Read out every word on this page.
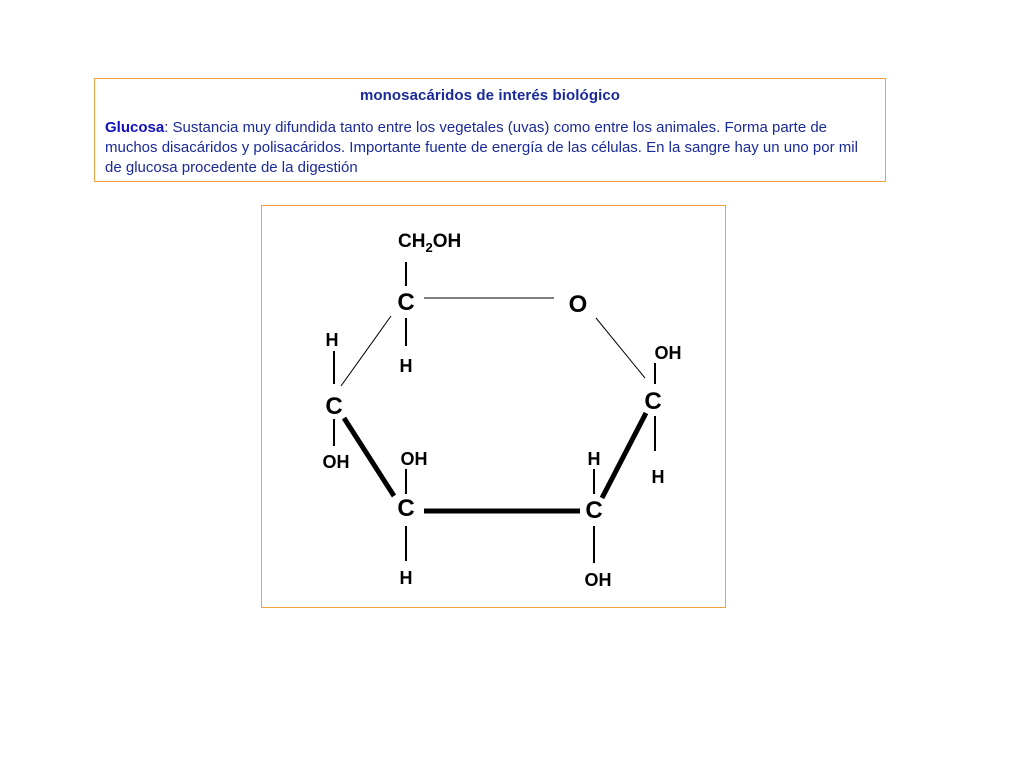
monosacáridos de interés biológico
Glucosa: Sustancia muy difundida tanto entre los vegetales (uvas) como entre los animales. Forma parte de muchos disacáridos y polisacáridos. Importante fuente de energía de las células. En la sangre hay un uno por mil de glucosa procedente de la digestión
$CH_2OH$
C
H
O
C
OH
H
C
H
OH
C
OH
H
C
H
OH
